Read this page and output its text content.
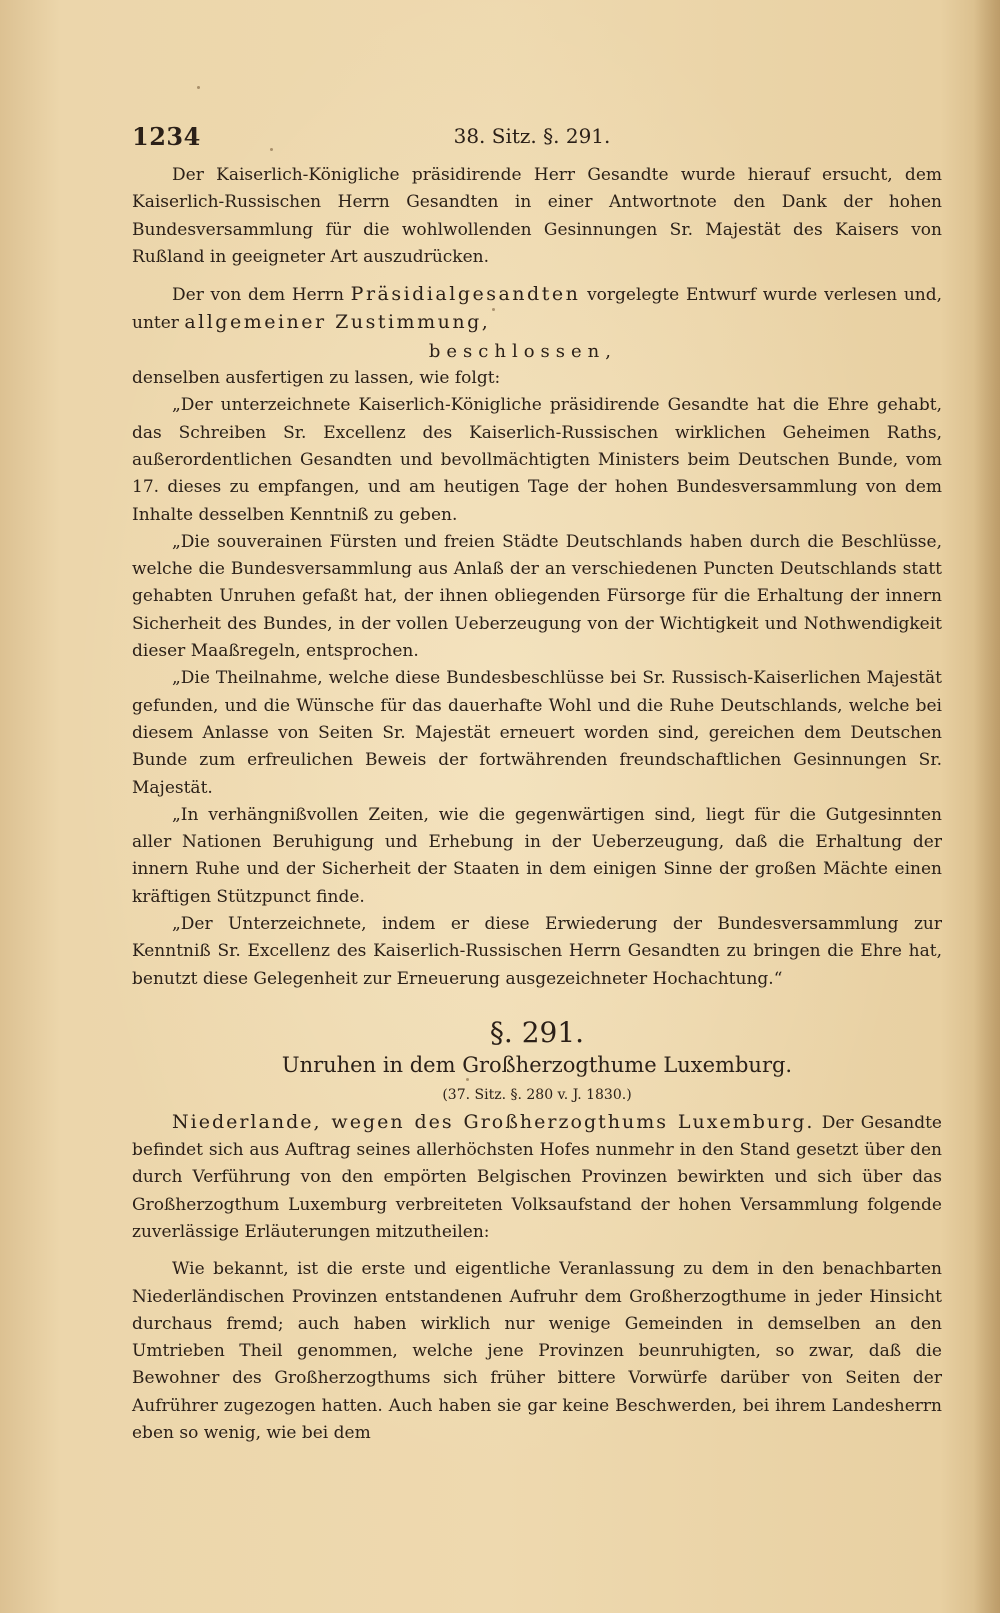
1234	38. Sitz. §. 291.

Der Kaiserlich-Königliche präsidirende Herr Gesandte wurde hierauf ersucht, dem Kaiserlich-Russischen Herrn Gesandten in einer Antwortnote den Dank der hohen Bundesversammlung für die wohlwollenden Gesinnungen Sr. Majestät des Kaisers von Rußland in geeigneter Art auszudrücken.

Der von dem Herrn Präsidialgesandten vorgelegte Entwurf wurde verlesen und, unter allgemeiner Zustimmung,

beschlossen,

denselben ausfertigen zu lassen, wie folgt:

„Der unterzeichnete Kaiserlich-Königliche präsidirende Gesandte hat die Ehre gehabt, das Schreiben Sr. Excellenz des Kaiserlich-Russischen wirklichen Geheimen Raths, außerordentlichen Gesandten und bevollmächtigten Ministers beim Deutschen Bunde, vom 17. dieses zu empfangen, und am heutigen Tage der hohen Bundesversammlung von dem Inhalte desselben Kenntniß zu geben.

„Die souverainen Fürsten und freien Städte Deutschlands haben durch die Beschlüsse, welche die Bundesversammlung aus Anlaß der an verschiedenen Puncten Deutschlands statt gehabten Unruhen gefaßt hat, der ihnen obliegenden Fürsorge für die Erhaltung der innern Sicherheit des Bundes, in der vollen Ueberzeugung von der Wichtigkeit und Nothwendigkeit dieser Maaßregeln, entsprochen.

„Die Theilnahme, welche diese Bundesbeschlüsse bei Sr. Russisch-Kaiserlichen Majestät gefunden, und die Wünsche für das dauerhafte Wohl und die Ruhe Deutschlands, welche bei diesem Anlasse von Seiten Sr. Majestät erneuert worden sind, gereichen dem Deutschen Bunde zum erfreulichen Beweis der fortwährenden freundschaftlichen Gesinnungen Sr. Majestät.

„In verhängnißvollen Zeiten, wie die gegenwärtigen sind, liegt für die Gutgesinnten aller Nationen Beruhigung und Erhebung in der Ueberzeugung, daß die Erhaltung der innern Ruhe und der Sicherheit der Staaten in dem einigen Sinne der großen Mächte einen kräftigen Stützpunct finde.

„Der Unterzeichnete, indem er diese Erwiederung der Bundesversammlung zur Kenntniß Sr. Excellenz des Kaiserlich-Russischen Herrn Gesandten zu bringen die Ehre hat, benutzt diese Gelegenheit zur Erneuerung ausgezeichneter Hochachtung.“

§. 291.

Unruhen in dem Großherzogthume Luxemburg.

(37. Sitz. §. 280 v. J. 1830.)

Niederlande, wegen des Großherzogthums Luxemburg. Der Gesandte befindet sich aus Auftrag seines allerhöchsten Hofes nunmehr in den Stand gesetzt über den durch Verführung von den empörten Belgischen Provinzen bewirkten und sich über das Großherzogthum Luxemburg verbreiteten Volksaufstand der hohen Versammlung folgende zuverlässige Erläuterungen mitzutheilen:

Wie bekannt, ist die erste und eigentliche Veranlassung zu dem in den benachbarten Niederländischen Provinzen entstandenen Aufruhr dem Großherzogthume in jeder Hinsicht durchaus fremd; auch haben wirklich nur wenige Gemeinden in demselben an den Umtrieben Theil genommen, welche jene Provinzen beunruhigten, so zwar, daß die Bewohner des Großherzogthums sich früher bittere Vorwürfe darüber von Seiten der Aufrührer zugezogen hatten. Auch haben sie gar keine Beschwerden, bei ihrem Landesherrn eben so wenig, wie bei dem
